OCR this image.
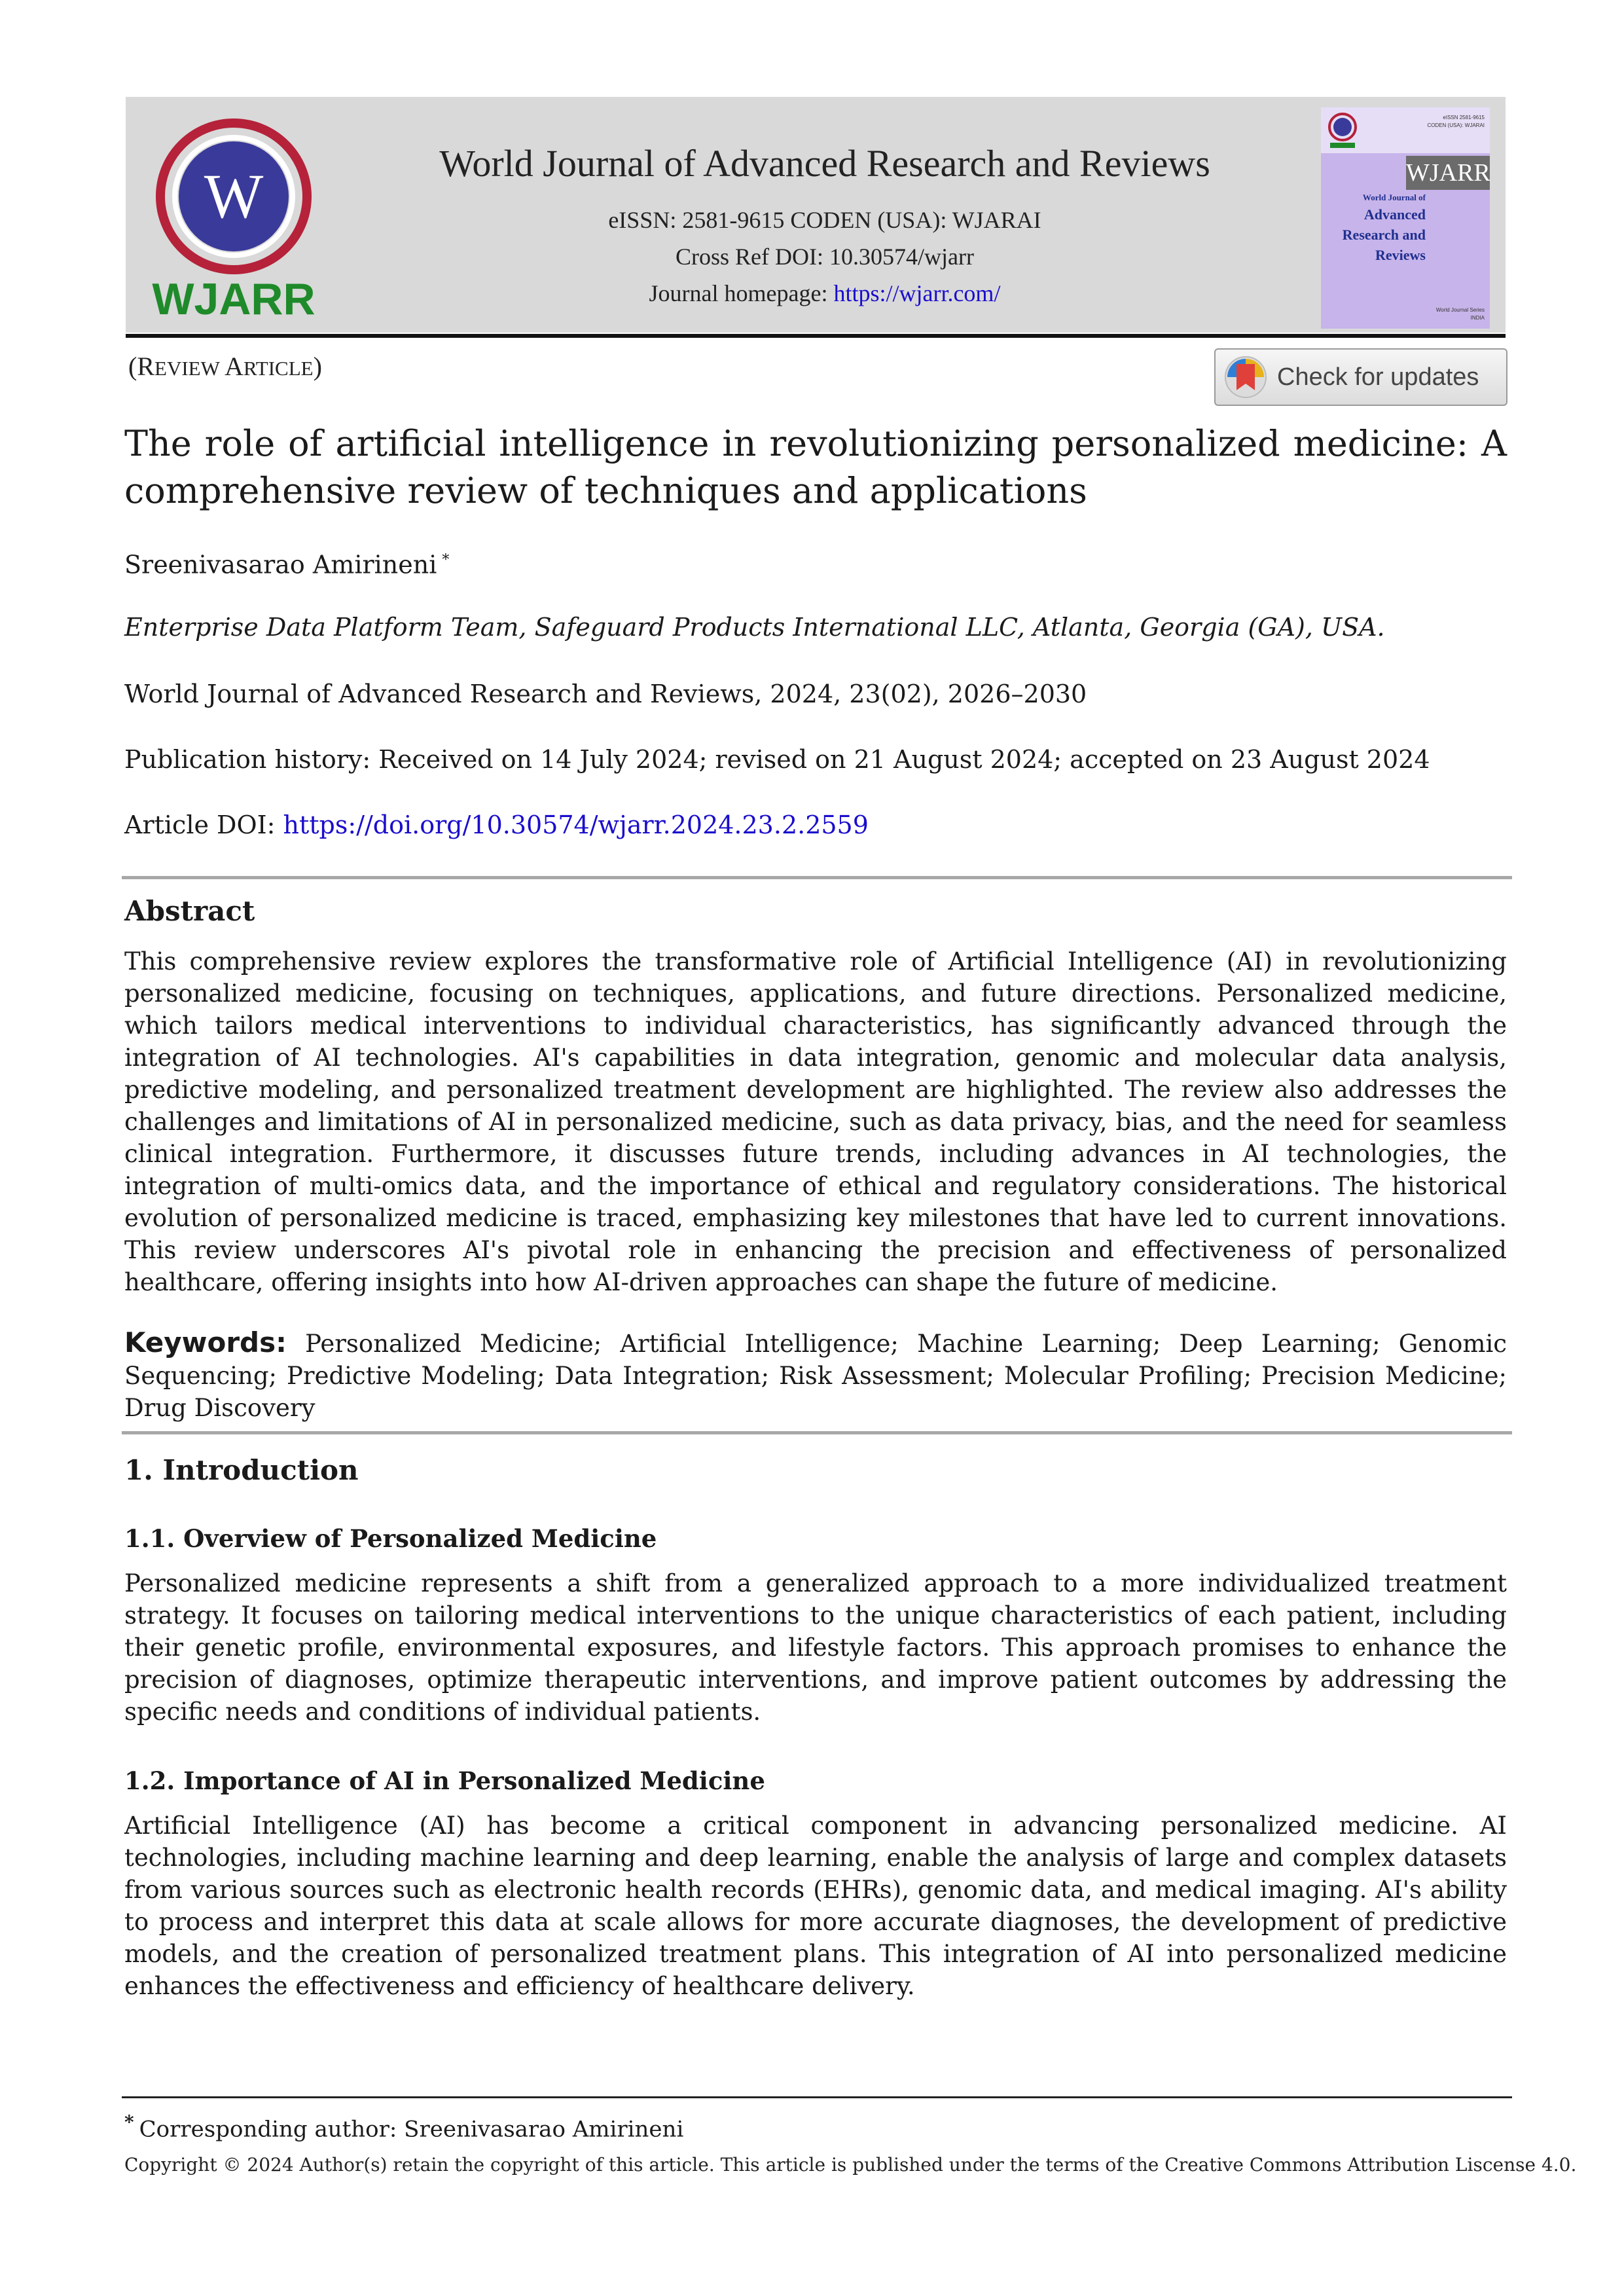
W
WJARR
World Journal of Advanced Research and Reviews
eISSN: 2581-9615 CODEN (USA): WJARAI
Cross Ref DOI: 10.30574/wjarr
Journal homepage: https://wjarr.com/
eISSN 2581-9615
CODEN (USA): WJARAI
WJARR
World Journal of
Advanced
Research and
Reviews
World Journal Series
INDIA
(REVIEW ARTICLE)	Check for updates
The role of artificial intelligence in revolutionizing personalized medicine: A comprehensive review of techniques and applications
Sreenivasarao Amirineni *
Enterprise Data Platform Team, Safeguard Products International LLC, Atlanta, Georgia (GA), USA.
World Journal of Advanced Research and Reviews, 2024, 23(02), 2026–2030
Publication history: Received on 14 July 2024; revised on 21 August 2024; accepted on 23 August 2024
Article DOI: https://doi.org/10.30574/wjarr.2024.23.2.2559
Abstract
This comprehensive review explores the transformative role of Artificial Intelligence (AI) in revolutionizing personalized medicine, focusing on techniques, applications, and future directions. Personalized medicine, which tailors medical interventions to individual characteristics, has significantly advanced through the integration of AI technologies. AI's capabilities in data integration, genomic and molecular data analysis, predictive modeling, and personalized treatment development are highlighted. The review also addresses the challenges and limitations of AI in personalized medicine, such as data privacy, bias, and the need for seamless clinical integration. Furthermore, it discusses future trends, including advances in AI technologies, the integration of multi-omics data, and the importance of ethical and regulatory considerations. The historical evolution of personalized medicine is traced, emphasizing key milestones that have led to current innovations. This review underscores AI's pivotal role in enhancing the precision and effectiveness of personalized healthcare, offering insights into how AI-driven approaches can shape the future of medicine.
Keywords: Personalized Medicine; Artificial Intelligence; Machine Learning; Deep Learning; Genomic Sequencing; Predictive Modeling; Data Integration; Risk Assessment; Molecular Profiling; Precision Medicine; Drug Discovery
1. Introduction
1.1. Overview of Personalized Medicine
Personalized medicine represents a shift from a generalized approach to a more individualized treatment strategy. It focuses on tailoring medical interventions to the unique characteristics of each patient, including their genetic profile, environmental exposures, and lifestyle factors. This approach promises to enhance the precision of diagnoses, optimize therapeutic interventions, and improve patient outcomes by addressing the specific needs and conditions of individual patients.
1.2. Importance of AI in Personalized Medicine
Artificial Intelligence (AI) has become a critical component in advancing personalized medicine. AI technologies, including machine learning and deep learning, enable the analysis of large and complex datasets from various sources such as electronic health records (EHRs), genomic data, and medical imaging. AI's ability to process and interpret this data at scale allows for more accurate diagnoses, the development of predictive models, and the creation of personalized treatment plans. This integration of AI into personalized medicine enhances the effectiveness and efficiency of healthcare delivery.
* Corresponding author: Sreenivasarao Amirineni
Copyright © 2024 Author(s) retain the copyright of this article. This article is published under the terms of the Creative Commons Attribution Liscense 4.0.
